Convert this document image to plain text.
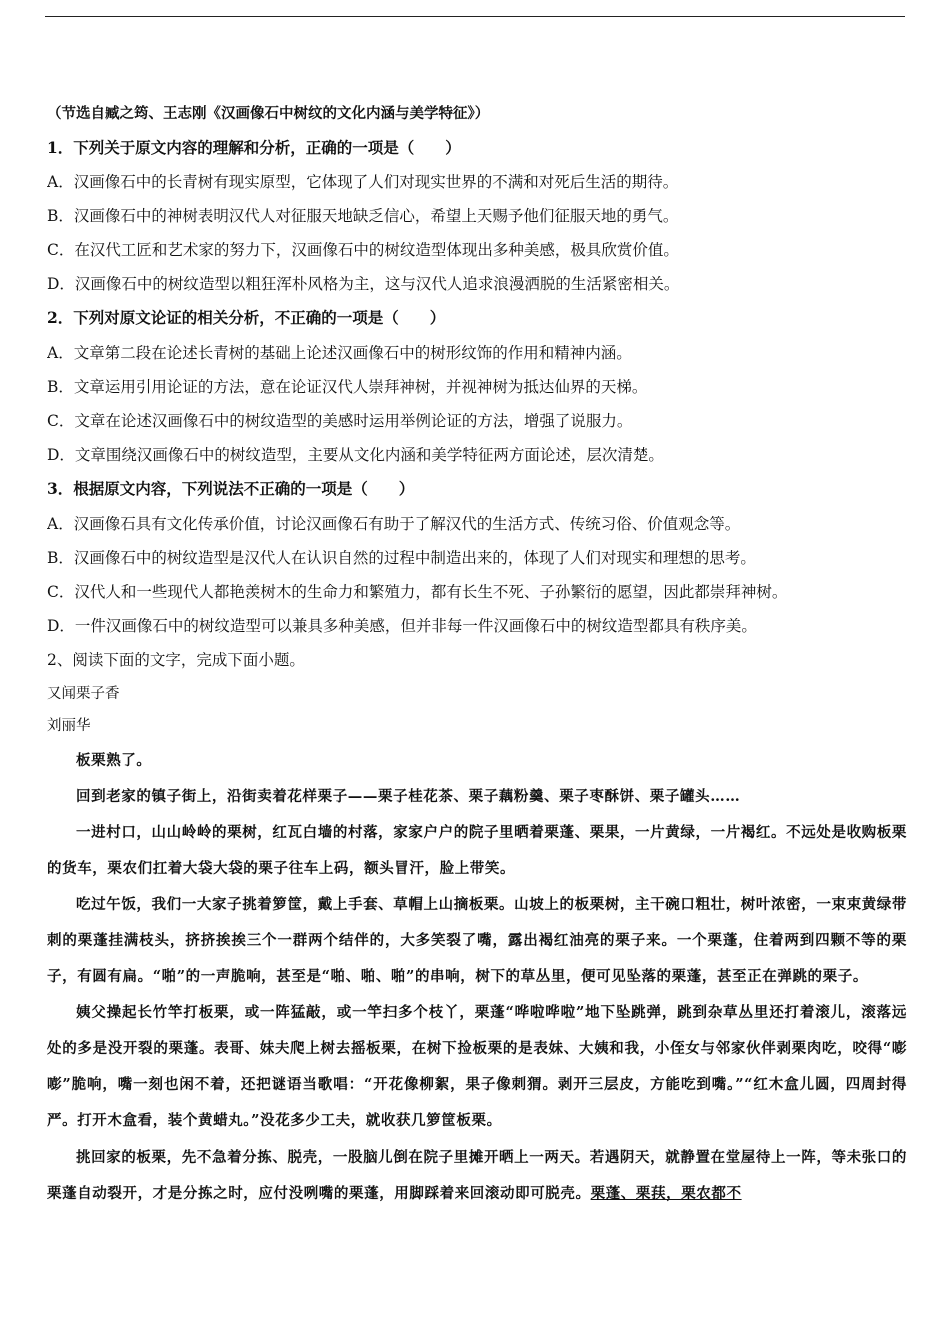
（节选自臧之筠、王志刚《汉画像石中树纹的文化内涵与美学特征》）
1．下列关于原文内容的理解和分析，正确的一项是（　　）
A．汉画像石中的长青树有现实原型，它体现了人们对现实世界的不满和对死后生活的期待。
B．汉画像石中的神树表明汉代人对征服天地缺乏信心，希望上天赐予他们征服天地的勇气。
C．在汉代工匠和艺术家的努力下，汉画像石中的树纹造型体现出多种美感，极具欣赏价值。
D．汉画像石中的树纹造型以粗狂浑朴风格为主，这与汉代人追求浪漫洒脱的生活紧密相关。
2．下列对原文论证的相关分析，不正确的一项是（　　）
A．文章第二段在论述长青树的基础上论述汉画像石中的树形纹饰的作用和精神内涵。
B．文章运用引用论证的方法，意在论证汉代人崇拜神树，并视神树为抵达仙界的天梯。
C．文章在论述汉画像石中的树纹造型的美感时运用举例论证的方法，增强了说服力。
D．文章围绕汉画像石中的树纹造型，主要从文化内涵和美学特征两方面论述，层次清楚。
3．根据原文内容，下列说法不正确的一项是（　　）
A．汉画像石具有文化传承价值，讨论汉画像石有助于了解汉代的生活方式、传统习俗、价值观念等。
B．汉画像石中的树纹造型是汉代人在认识自然的过程中制造出来的，体现了人们对现实和理想的思考。
C．汉代人和一些现代人都艳羡树木的生命力和繁殖力，都有长生不死、子孙繁衍的愿望，因此都崇拜神树。
D．一件汉画像石中的树纹造型可以兼具多种美感，但并非每一件汉画像石中的树纹造型都具有秩序美。
2、阅读下面的文字，完成下面小题。
又闻栗子香
刘丽华
板栗熟了。
回到老家的镇子街上，沿街卖着花样栗子——栗子桂花茶、栗子藕粉羹、栗子枣酥饼、栗子罐头……
一进村口，山山岭岭的栗树，红瓦白墙的村落，家家户户的院子里晒着栗蓬、栗果，一片黄绿，一片褐红。不远处是收购板栗的货车，栗农们扛着大袋大袋的栗子往车上码，额头冒汗，脸上带笑。
吃过午饭，我们一大家子挑着箩筐，戴上手套、草帽上山摘板栗。山坡上的板栗树，主干碗口粗壮，树叶浓密，一束束黄绿带刺的栗蓬挂满枝头，挤挤挨挨三个一群两个结伴的，大多笑裂了嘴，露出褐红油亮的栗子来。一个栗蓬，住着两到四颗不等的栗子，有圆有扁。“啪”的一声脆响，甚至是“啪、啪、啪”的串响，树下的草丛里，便可见坠落的栗蓬，甚至正在弹跳的栗子。
姨父操起长竹竿打板栗，或一阵猛敲，或一竿扫多个枝丫，栗蓬“哗啦哗啦”地下坠跳弹，跳到杂草丛里还打着滚儿，滚落远处的多是没开裂的栗蓬。表哥、妹夫爬上树去摇板栗，在树下捡板栗的是表妹、大姨和我，小侄女与邻家伙伴剥栗肉吃，咬得“嘭嘭”脆响，嘴一刻也闲不着，还把谜语当歌唱：“开花像柳絮，果子像刺猬。剥开三层皮，方能吃到嘴。”“红木盒儿圆，四周封得严。打开木盒看，装个黄蜡丸。”没花多少工夫，就收获几箩筐板栗。
挑回家的板栗，先不急着分拣、脱壳，一股脑儿倒在院子里摊开晒上一两天。若遇阴天，就静置在堂屋待上一阵，等未张口的栗蓬自动裂开，才是分拣之时，应付没咧嘴的栗蓬，用脚踩着来回滚动即可脱壳。栗蓬、栗荴，栗农都不
